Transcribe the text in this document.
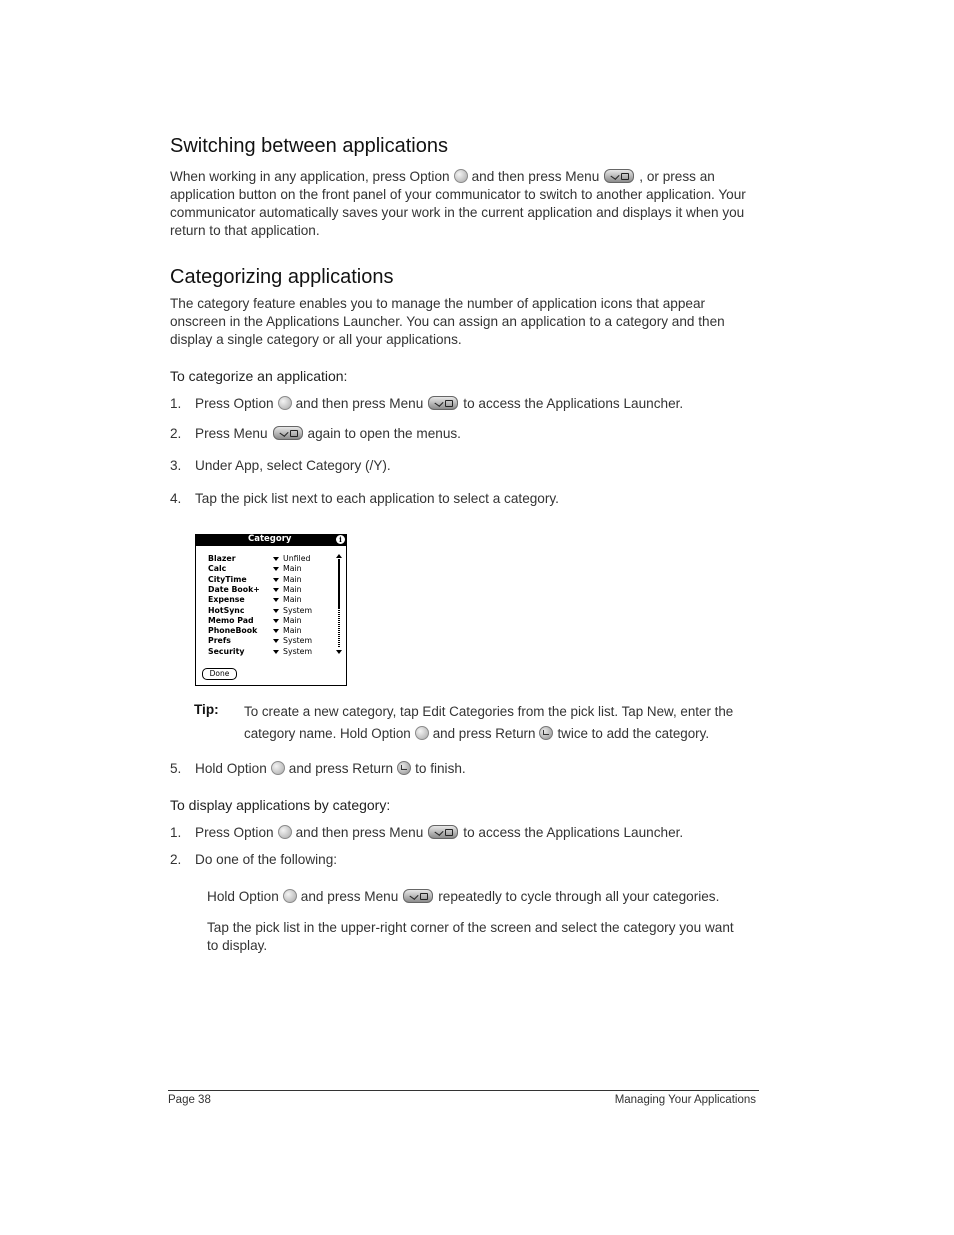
Switching between applications
When working in any application, press Option and then press Menu	, or press an
application button on the front panel of your communicator to switch to another application. Your
communicator automatically saves your work in the current application and displays it when you
return to that application.
Categorizing applications
The category feature enables you to manage the number of application icons that appear
onscreen in the Applications Launcher. You can assign an application to a category and then
display a single category or all your applications.
To categorize an application:
1. Press Option and then press Menu	to access the Applications Launcher.
2. Press Menu	again to open the menus.
3. Under App, select Category (/Y).
4. Tap the pick list next to each application to select a category.
Category	i
Blazer	Unfiled
Calc	Main
CityTime	Main
Date Book+	Main
Expense	Main
HotSync	System
Memo Pad	Main
PhoneBook	Main
Prefs	System
Security	System
Done
Tip: To create a new category, tap Edit Categories from the pick list. Tap New, enter the
category name. Hold Option and press Return twice to add the category.
5. Hold Option and press Return to finish.
To display applications by category:
1. Press Option and then press Menu	to access the Applications Launcher.
2. Do one of the following:
Hold Option and press Menu	repeatedly to cycle through all your categories.
Tap the pick list in the upper-right corner of the screen and select the category you want
to display.
Page 38	Managing Your Applications
